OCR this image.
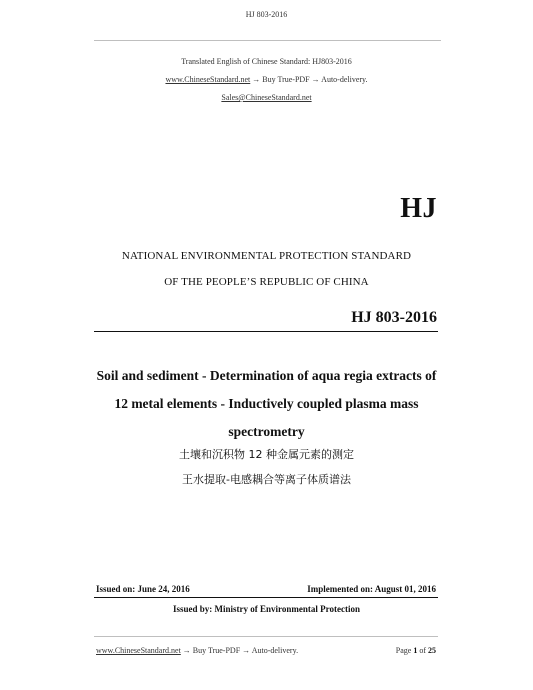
HJ 803-2016
Translated English of Chinese Standard: HJ803-2016
www.ChineseStandard.net → Buy True-PDF → Auto-delivery.
Sales@ChineseStandard.net
HJ
NATIONAL ENVIRONMENTAL PROTECTION STANDARD
OF THE PEOPLE’S REPUBLIC OF CHINA
HJ 803-2016
Soil and sediment - Determination of aqua regia extracts of
12 metal elements - Inductively coupled plasma mass
spectrometry
土壤和沉积物 12 种金属元素的测定
王水提取-电感耦合等离子体质谱法
Issued on: June 24, 2016	Implemented on: August 01, 2016
Issued by: Ministry of Environmental Protection
www.ChineseStandard.net → Buy True-PDF → Auto-delivery.	Page 1 of 25
